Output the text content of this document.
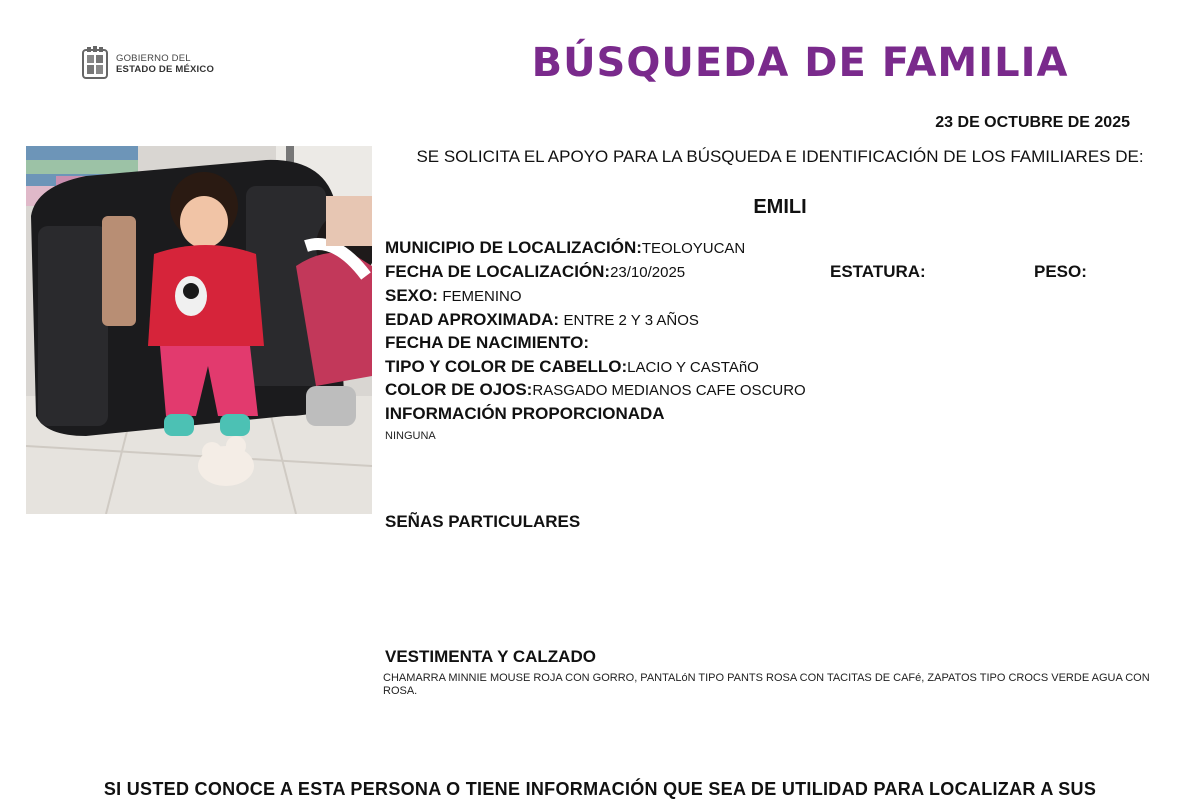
GOBIERNO DEL
ESTADO DE MÉXICO	BÚSQUEDA DE FAMILIA
23 DE OCTUBRE DE 2025
SE SOLICITA EL APOYO PARA LA BÚSQUEDA E IDENTIFICACIÓN DE LOS FAMILIARES DE:
EMILI
MUNICIPIO DE LOCALIZACIÓN:TEOLOYUCAN
FECHA DE LOCALIZACIÓN:23/10/2025	ESTATURA:	PESO:
SEXO: FEMENINO
EDAD APROXIMADA: ENTRE 2 Y 3 AÑOS
FECHA DE NACIMIENTO:
TIPO Y COLOR DE CABELLO:LACIO Y CASTAñO
COLOR DE OJOS:RASGADO MEDIANOS CAFE OSCURO
INFORMACIÓN PROPORCIONADA
NINGUNA
SEÑAS PARTICULARES
VESTIMENTA Y CALZADO
CHAMARRA MINNIE MOUSE ROJA CON GORRO, PANTALóN TIPO PANTS ROSA CON TACITAS DE CAFé, ZAPATOS TIPO CROCS VERDE AGUA CON ROSA.
SI USTED CONOCE A ESTA PERSONA O TIENE INFORMACIÓN QUE SEA DE UTILIDAD PARA LOCALIZAR A SUS
